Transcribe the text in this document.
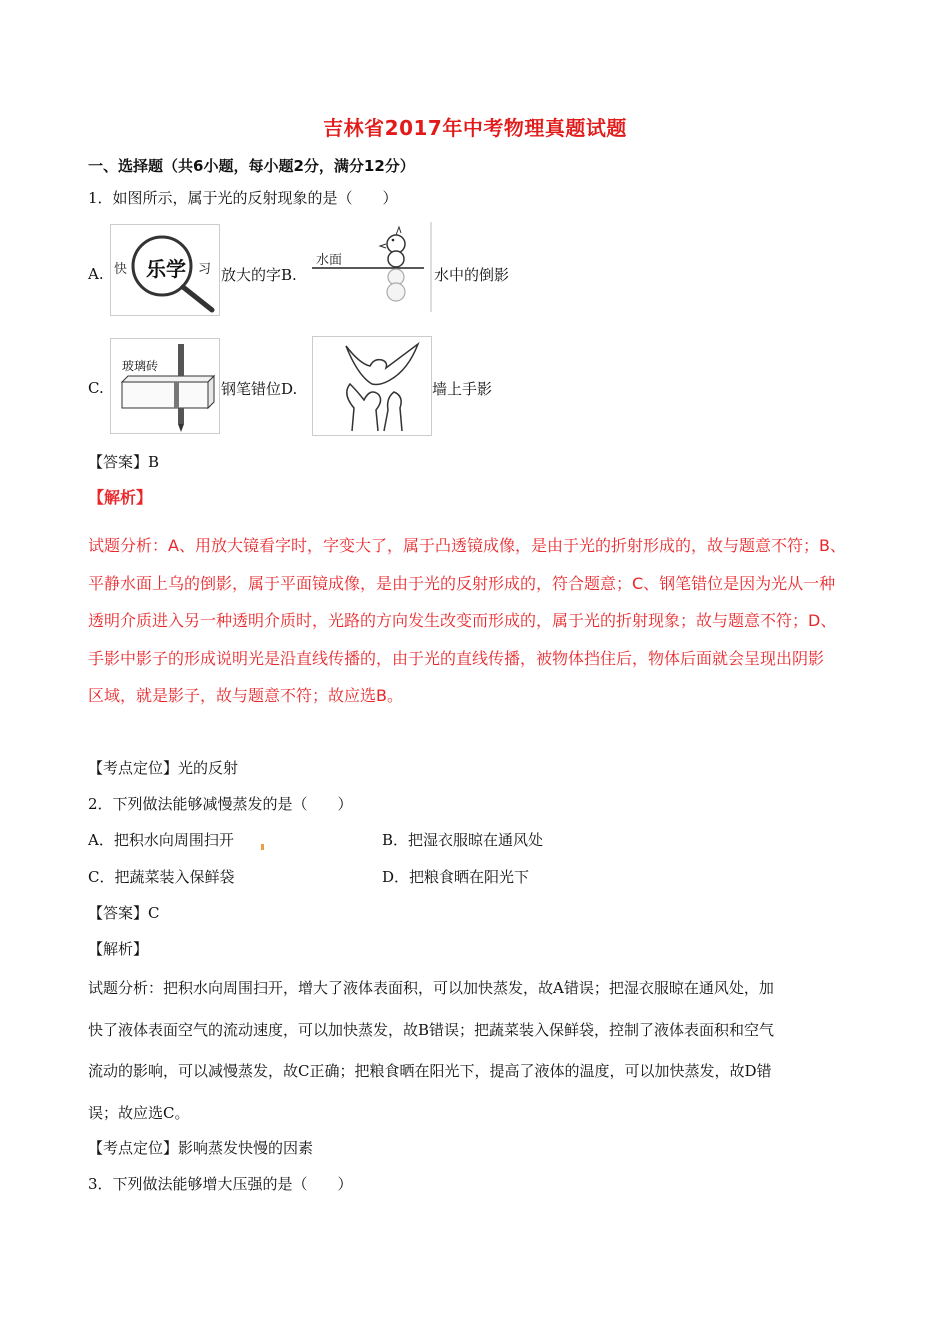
吉林省2017年中考物理真题试题
一、选择题（共6小题，每小题2分，满分12分）
1．如图所示，属于光的反射现象的是（　　）
A. 快 乐学 习 放大的字B.
水面
水中的倒影
C.
玻璃砖
钢笔错位D.	墙上手影
【答案】B
【解析】
试题分析：A、用放大镜看字时，字变大了，属于凸透镜成像，是由于光的折射形成的，故与题意不符；B、
平静水面上乌的倒影，属于平面镜成像，是由于光的反射形成的，符合题意；C、钢笔错位是因为光从一种
透明介质进入另一种透明介质时，光路的方向发生改变而形成的，属于光的折射现象；故与题意不符；D、
手影中影子的形成说明光是沿直线传播的，由于光的直线传播，被物体挡住后，物体后面就会呈现出阴影
区域，就是影子，故与题意不符；故应选B。
【考点定位】光的反射
2．下列做法能够减慢蒸发的是（　　）
A．把积水向周围扫开	B．把湿衣服晾在通风处
C．把蔬菜装入保鲜袋	D．把粮食晒在阳光下
【答案】C
【解析】
试题分析：把积水向周围扫开，增大了液体表面积，可以加快蒸发，故A错误；把湿衣服晾在通风处，加
快了液体表面空气的流动速度，可以加快蒸发，故B错误；把蔬菜装入保鲜袋，控制了液体表面积和空气
流动的影响，可以减慢蒸发，故C正确；把粮食晒在阳光下，提高了液体的温度，可以加快蒸发，故D错
误；故应选C。
【考点定位】影响蒸发快慢的因素
3．下列做法能够增大压强的是（　　）
